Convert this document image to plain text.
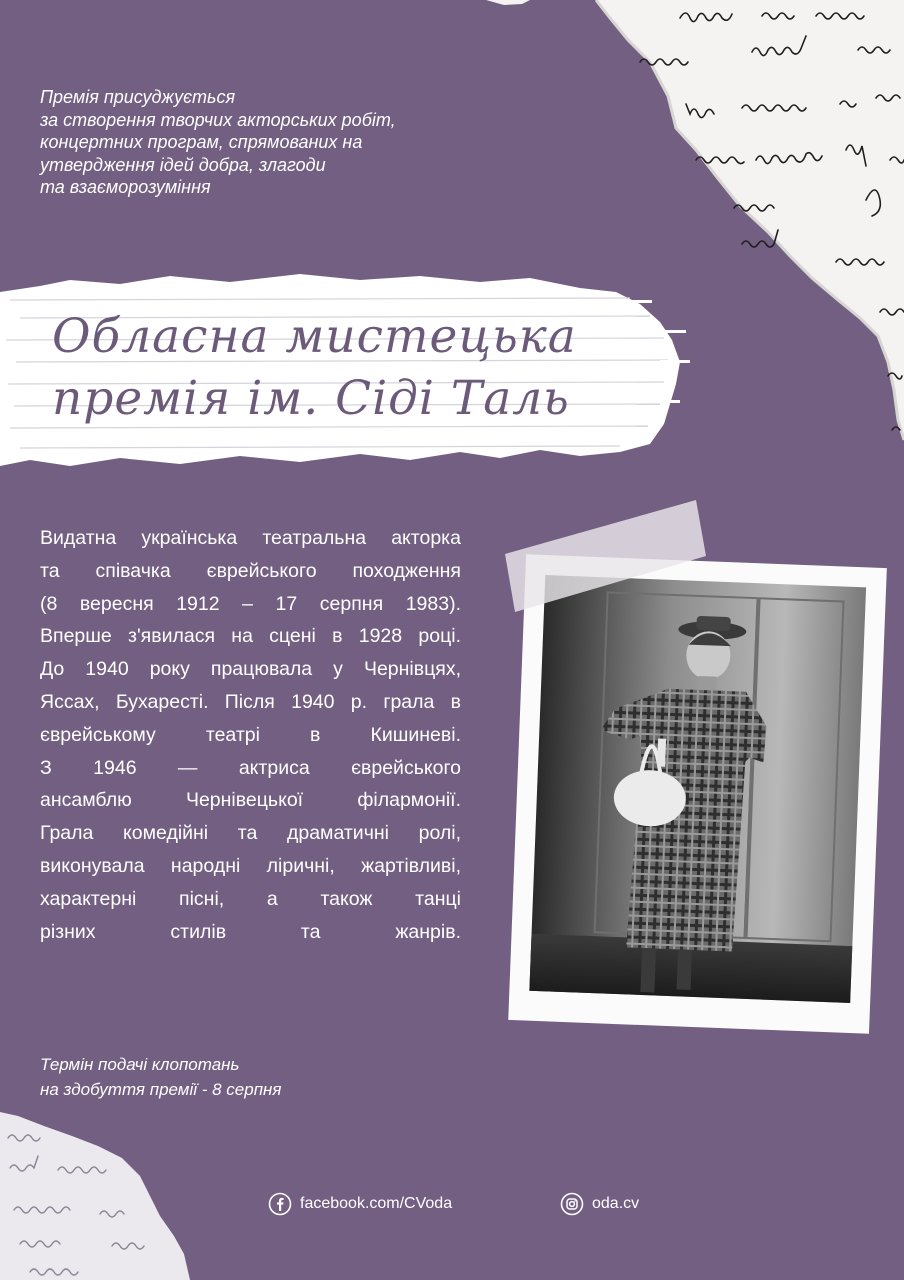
Премія присуджується
за створення творчих акторських робіт,
концертних програм, спрямованих на
утвердження ідей добра, злагоди
та взаєморозуміння
Обласна мистецька
премія ім. Сіді Таль
Видатна українська театральна акторка
та співачка єврейського походження
(8 вересня 1912 – 17 серпня 1983).
Вперше з'явилася на сцені в 1928 році.
До 1940 року працювала у Чернівцях,
Яссах, Бухаресті. Після 1940 р. грала в
єврейському театрі в Кишиневі.
З 1946 — актриса єврейського
ансамблю Чернівецької філармонії.
Грала комедійні та драматичні ролі,
виконувала народні ліричні, жартівливі,
характерні пісні, а також танці
різних стилів та жанрів.
Термін подачі клопотань
на здобуття премії - 8 серпня
facebook.com/CVoda	oda.cv
